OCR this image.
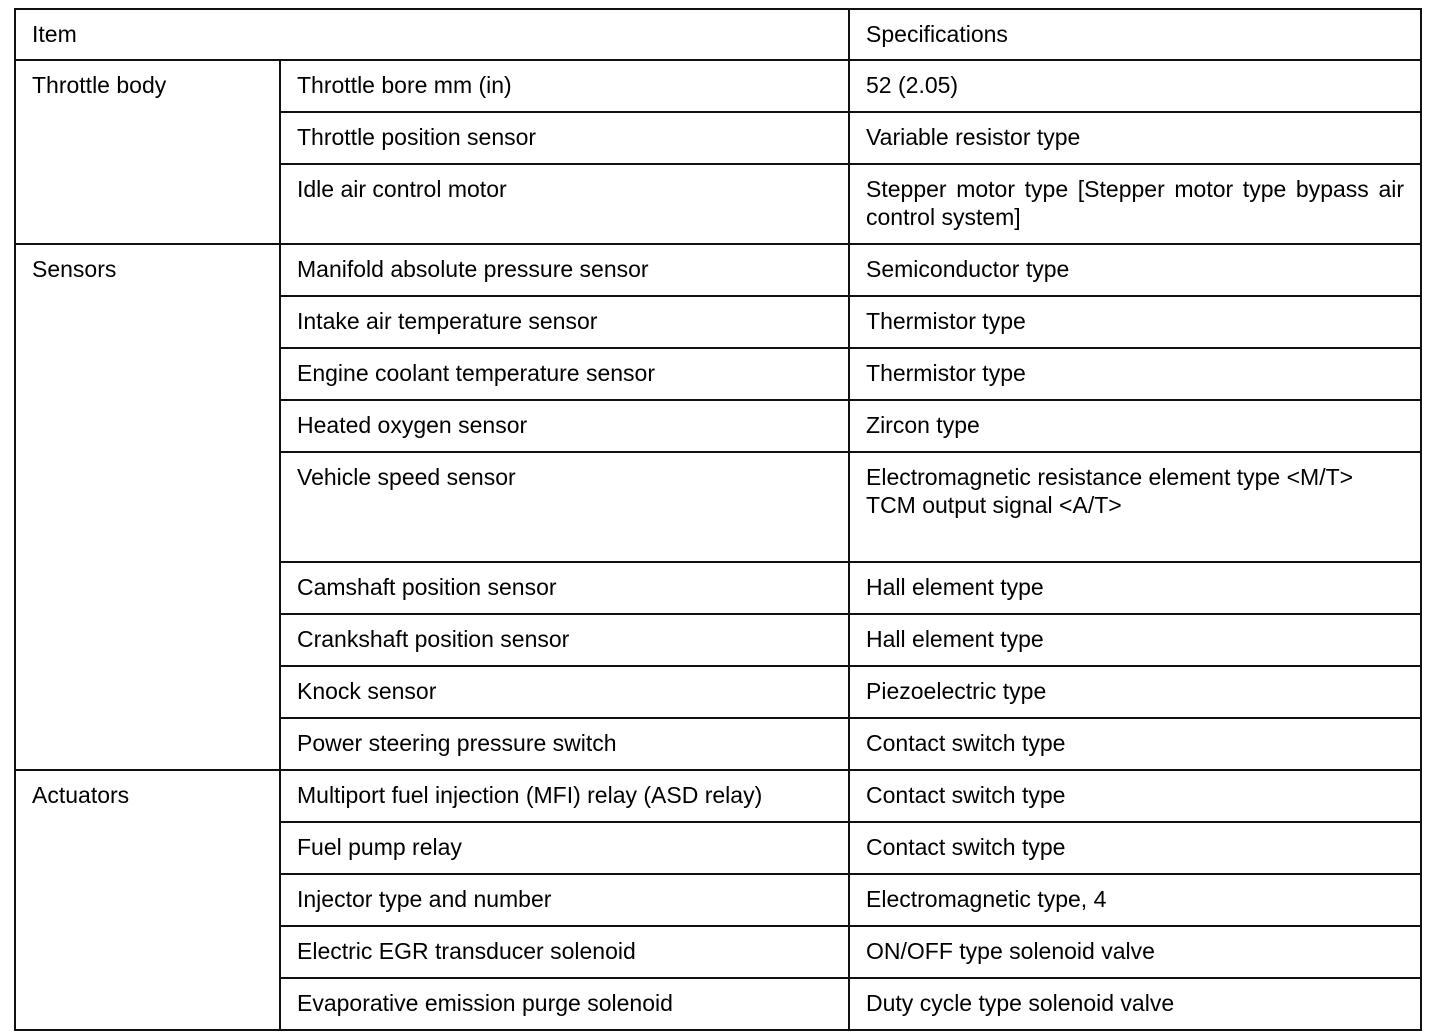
Item		Specifications
Throttle body	Throttle bore mm (in)	52 (2.05)
	Throttle position sensor	Variable resistor type
	Idle air control motor	Stepper motor type [Stepper motor type bypass air control system]
Sensors	Manifold absolute pressure sensor	Semiconductor type
	Intake air temperature sensor	Thermistor type
	Engine coolant temperature sensor	Thermistor type
	Heated oxygen sensor	Zircon type
	Vehicle speed sensor	Electromagnetic resistance element type <M/T>
TCM output signal <A/T>

	Camshaft position sensor	Hall element type
	Crankshaft position sensor	Hall element type
	Knock sensor	Piezoelectric type
	Power steering pressure switch	Contact switch type
Actuators	Multiport fuel injection (MFI) relay (ASD relay)	Contact switch type
	Fuel pump relay	Contact switch type
	Injector type and number	Electromagnetic type, 4
	Electric EGR transducer solenoid	ON/OFF type solenoid valve
	Evaporative emission purge solenoid	Duty cycle type solenoid valve
